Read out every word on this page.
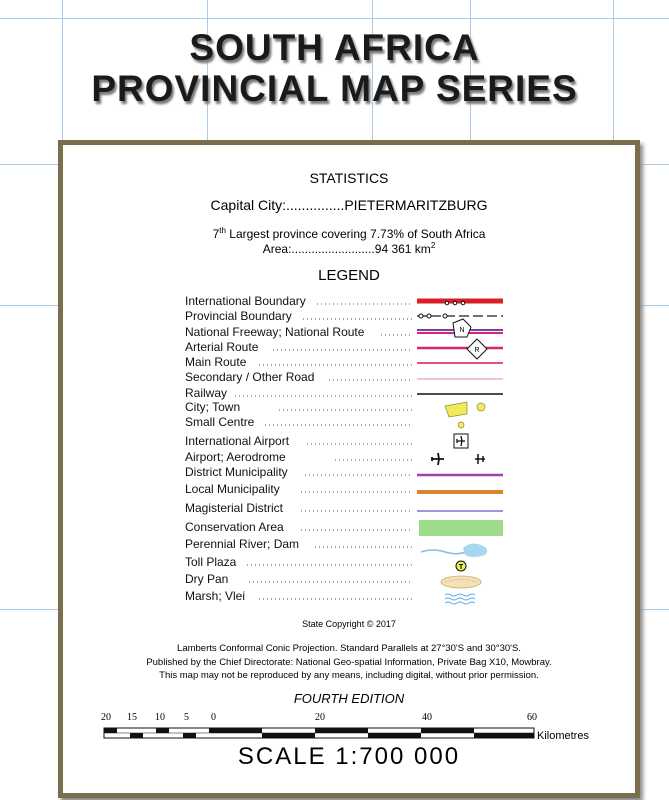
SOUTH AFRICA
PROVINCIAL MAP SERIES
STATISTICS
Capital City:...............PIETERMARITZBURG
7th Largest province covering 7.73% of South Africa
Area:.........................94 361 $km^2$
LEGEND
International Boundary
Provincial Boundary
National Freeway; National Route
Arterial Route
Main Route
Secondary / Other Road
Railway
City; Town
Small Centre
International Airport
Airport; Aerodrome
District Municipality
Local Municipality
Magisterial District
Conservation Area
Perennial River; Dam
Toll Plaza
Dry Pan
Marsh; Vlei
N
R
T
State Copyright © 2017
Lamberts Conformal Conic Projection. Standard Parallels at 27°30'S and 30°30'S.
Published by the Chief Directorate: National Geo-spatial Information, Private Bag X10, Mowbray.
This map may not be reproduced by any means, including digital, without prior permission.
FOURTH EDITION
20 15 10 5 0	20	40	60
Kilometres
SCALE 1:700 000
